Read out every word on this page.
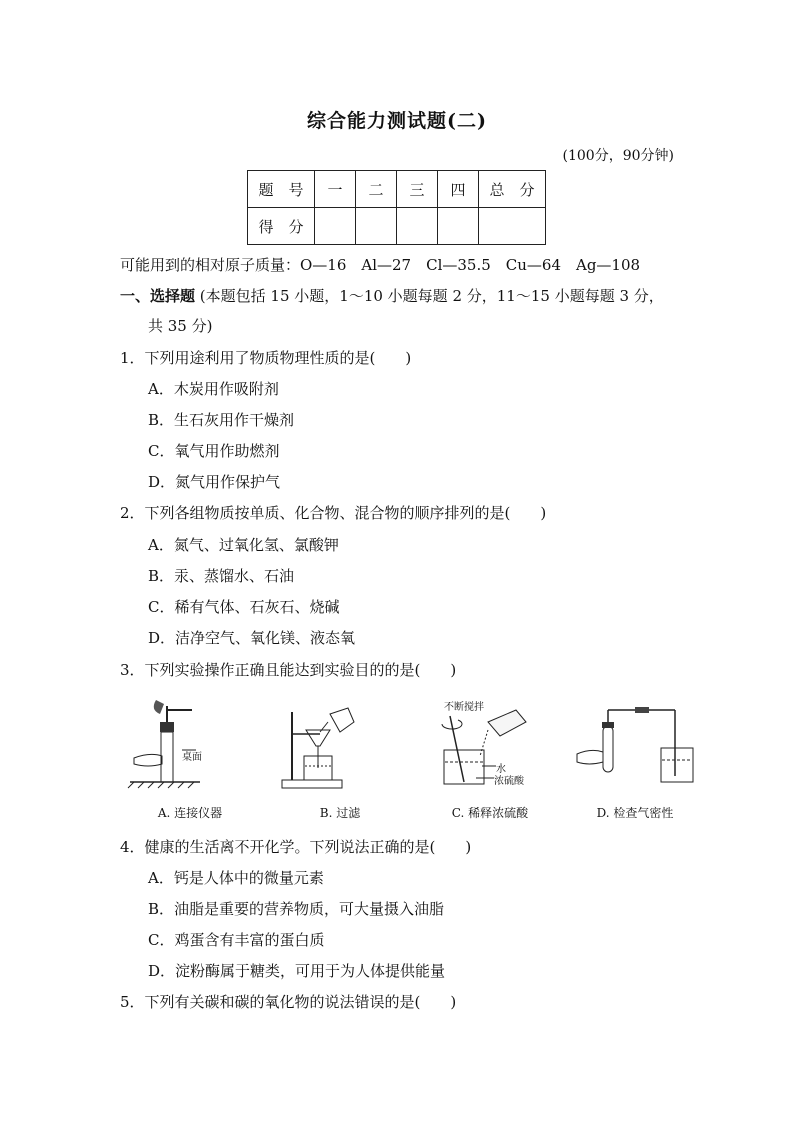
综合能力测试题(二)
(100分，90分钟)
题　号	一	二	三	四	总　分
得　分					
可能用到的相对原子质量：O—16　Al—27　Cl—35.5　Cu—64　Ag—108
一、选择题 (本题包括 15 小题，1～10 小题每题 2 分，11～15 小题每题 3 分，
共 35 分)
1．下列用途利用了物质物理性质的是(　　)
A．木炭用作吸附剂
B．生石灰用作干燥剂
C．氧气用作助燃剂
D．氮气用作保护气
2．下列各组物质按单质、化合物、混合物的顺序排列的是(　　)
A．氮气、过氧化氢、氯酸钾
B．汞、蒸馏水、石油
C．稀有气体、石灰石、烧碱
D．洁净空气、氧化镁、液态氧
3．下列实验操作正确且能达到实验目的的是(　　)
桌面
A. 连接仪器	B. 过滤
不断搅拌
水
浓硫酸
C. 稀释浓硫酸	D. 检查气密性
4．健康的生活离不开化学。下列说法正确的是(　　)
A．钙是人体中的微量元素
B．油脂是重要的营养物质，可大量摄入油脂
C．鸡蛋含有丰富的蛋白质
D．淀粉酶属于糖类，可用于为人体提供能量
5．下列有关碳和碳的氧化物的说法错误的是(　　)
